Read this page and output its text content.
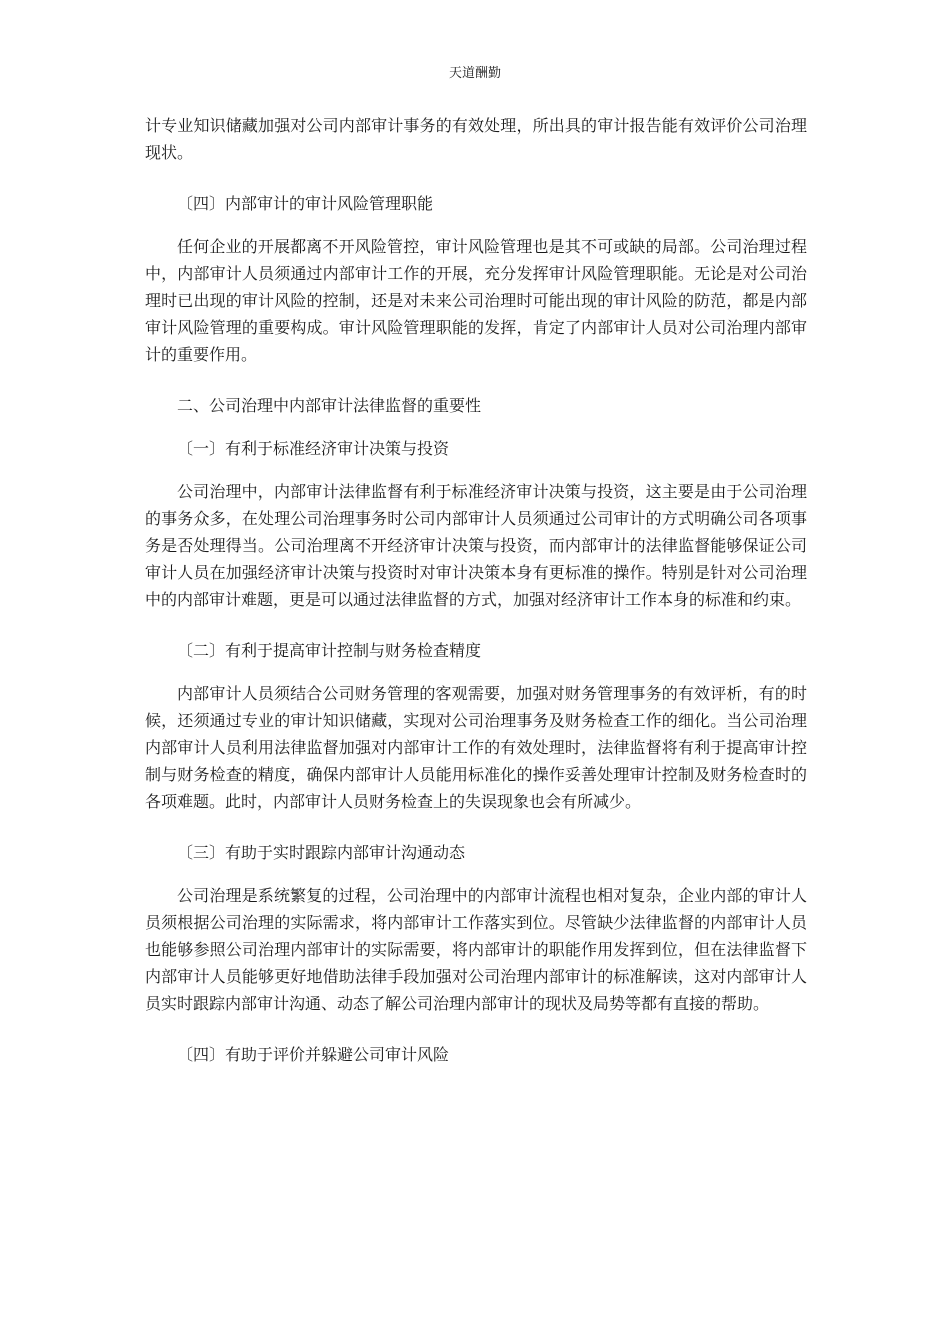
天道酬勤

计专业知识储藏加强对公司内部审计事务的有效处理，所出具的审计报告能有效评价公司治理现状。

〔四〕内部审计的审计风险管理职能

任何企业的开展都离不开风险管控，审计风险管理也是其不可或缺的局部。公司治理过程中，内部审计人员须通过内部审计工作的开展，充分发挥审计风险管理职能。无论是对公司治理时已出现的审计风险的控制，还是对未来公司治理时可能出现的审计风险的防范，都是内部审计风险管理的重要构成。审计风险管理职能的发挥，肯定了内部审计人员对公司治理内部审计的重要作用。

二、公司治理中内部审计法律监督的重要性

〔一〕有利于标准经济审计决策与投资

公司治理中，内部审计法律监督有利于标准经济审计决策与投资，这主要是由于公司治理的事务众多，在处理公司治理事务时公司内部审计人员须通过公司审计的方式明确公司各项事务是否处理得当。公司治理离不开经济审计决策与投资，而内部审计的法律监督能够保证公司审计人员在加强经济审计决策与投资时对审计决策本身有更标准的操作。特别是针对公司治理中的内部审计难题，更是可以通过法律监督的方式，加强对经济审计工作本身的标准和约束。

〔二〕有利于提高审计控制与财务检查精度

内部审计人员须结合公司财务管理的客观需要，加强对财务管理事务的有效评析，有的时候，还须通过专业的审计知识储藏，实现对公司治理事务及财务检查工作的细化。当公司治理内部审计人员利用法律监督加强对内部审计工作的有效处理时，法律监督将有利于提高审计控制与财务检查的精度，确保内部审计人员能用标准化的操作妥善处理审计控制及财务检查时的各项难题。此时，内部审计人员财务检查上的失误现象也会有所减少。

〔三〕有助于实时跟踪内部审计沟通动态

公司治理是系统繁复的过程，公司治理中的内部审计流程也相对复杂，企业内部的审计人员须根据公司治理的实际需求，将内部审计工作落实到位。尽管缺少法律监督的内部审计人员也能够参照公司治理内部审计的实际需要，将内部审计的职能作用发挥到位，但在法律监督下内部审计人员能够更好地借助法律手段加强对公司治理内部审计的标准解读，这对内部审计人员实时跟踪内部审计沟通、动态了解公司治理内部审计的现状及局势等都有直接的帮助。

〔四〕有助于评价并躲避公司审计风险
